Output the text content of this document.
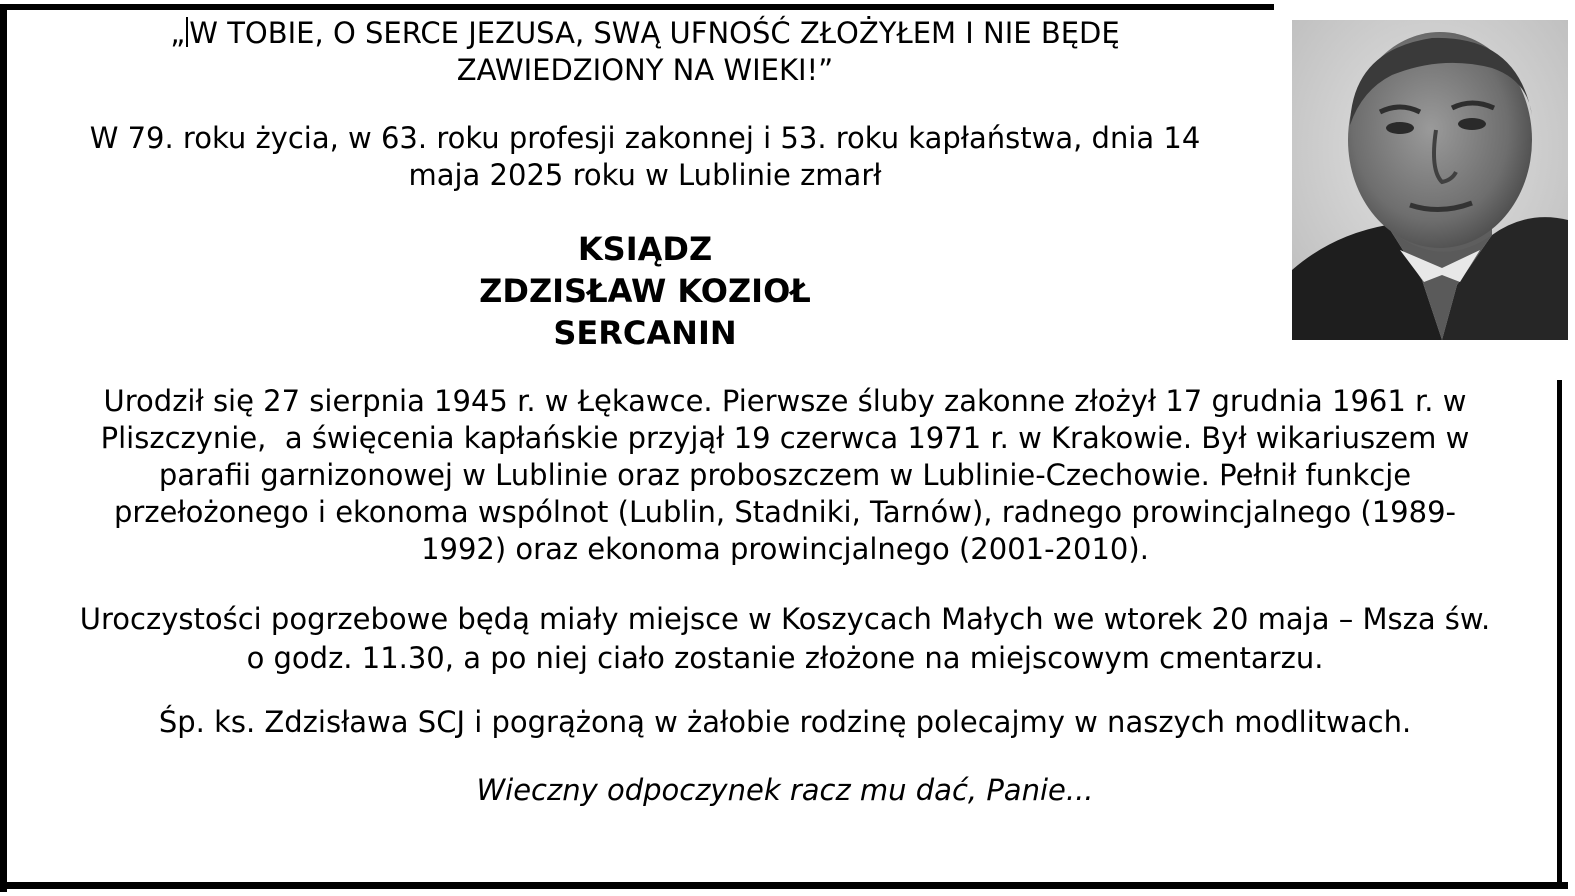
„ W TOBIE, O SERCE JEZUSA, SWĄ UFNOŚĆ ZŁOŻYŁEM I NIE BĘDĘ
ZAWIEDZIONY NA WIEKI!”
W 79. roku życia, w 63. roku profesji zakonnej i 53. roku kapłaństwa, dnia 14
maja 2025 roku w Lublinie zmarł
KSIĄDZ
ZDZISŁAW KOZIOŁ
SERCANIN
Urodził się 27 sierpnia 1945 r. w Łękawce. Pierwsze śluby zakonne złożył 17 grudnia 1961 r. w
Pliszczynie,  a święcenia kapłańskie przyjął 19 czerwca 1971 r. w Krakowie. Był wikariuszem w
parafii garnizonowej w Lublinie oraz proboszczem w Lublinie-Czechowie. Pełnił funkcje
przełożonego i ekonoma wspólnot (Lublin, Stadniki, Tarnów), radnego prowincjalnego (1989-
1992) oraz ekonoma prowincjalnego (2001-2010).
Uroczystości pogrzebowe będą miały miejsce w Koszycach Małych we wtorek 20 maja – Msza św.
o godz. 11.30, a po niej ciało zostanie złożone na miejscowym cmentarzu.
Śp. ks. Zdzisława SCJ i pogrążoną w żałobie rodzinę polecajmy w naszych modlitwach.
Wieczny odpoczynek racz mu dać, Panie...
